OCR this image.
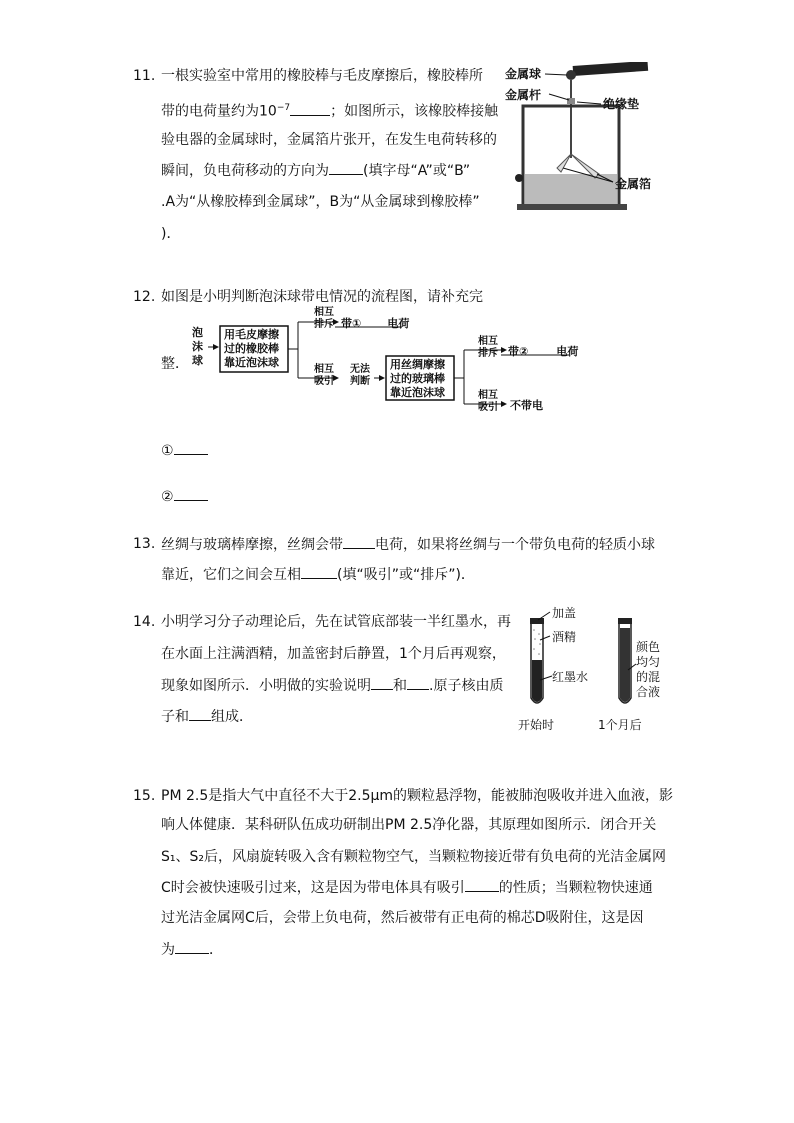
11. 一根实验室中常用的橡胶棒与毛皮摩擦后，橡胶棒所
带的电荷量约为$10^{-7}$	；如图所示，该橡胶棒接触
验电器的金属球时，金属箔片张开，在发生电荷转移的
瞬间，负电荷移动的方向为 (填字母“A”或“B”
.A为“从橡胶棒到金属球”，B为“从金属球到橡胶棒”
)．
金属球
金属杆
绝缘垫
金属箔
12. 如图是小明判断泡沫球带电情况的流程图，请补充完
整．
泡
沫
球
用毛皮摩擦
过的橡胶棒
靠近泡沫球
相互
排斥 带① 电荷
相互
吸引
无法
判断
用丝绸摩擦
过的玻璃棒
靠近泡沫球
相互
排斥 带②	电荷
相互
吸引 不带电
①
②
13. 丝绸与玻璃棒摩擦，丝绸会带 电荷，如果将丝绸与一个带负电荷的轻质小球
靠近，它们之间会互相	(填“吸引”或“排斥”)．
14. 小明学习分子动理论后，先在试管底部装一半红墨水，再
在水面上注满酒精，加盖密封后静置，1个月后再观察，
现象如图所示．小明做的实验说明 和 .原子核由质
子和 组成．
加盖
酒精
红墨水
颜色
均匀
的混
合液
开始时	1个月后
15. PM 2.5是指大气中直径不大于2.5μm的颗粒悬浮物，能被肺泡吸收并进入血液，影
响人体健康．某科研队伍成功研制出PM 2.5净化器，其原理如图所示．闭合开关
S₁、S₂后，风扇旋转吸入含有颗粒物空气，当颗粒物接近带有负电荷的光洁金属网
C时会被快速吸引过来，这是因为带电体具有吸引 的性质；当颗粒物快速通
过光洁金属网C后，会带上负电荷，然后被带有正电荷的棉芯D吸附住，这是因
为 ．
